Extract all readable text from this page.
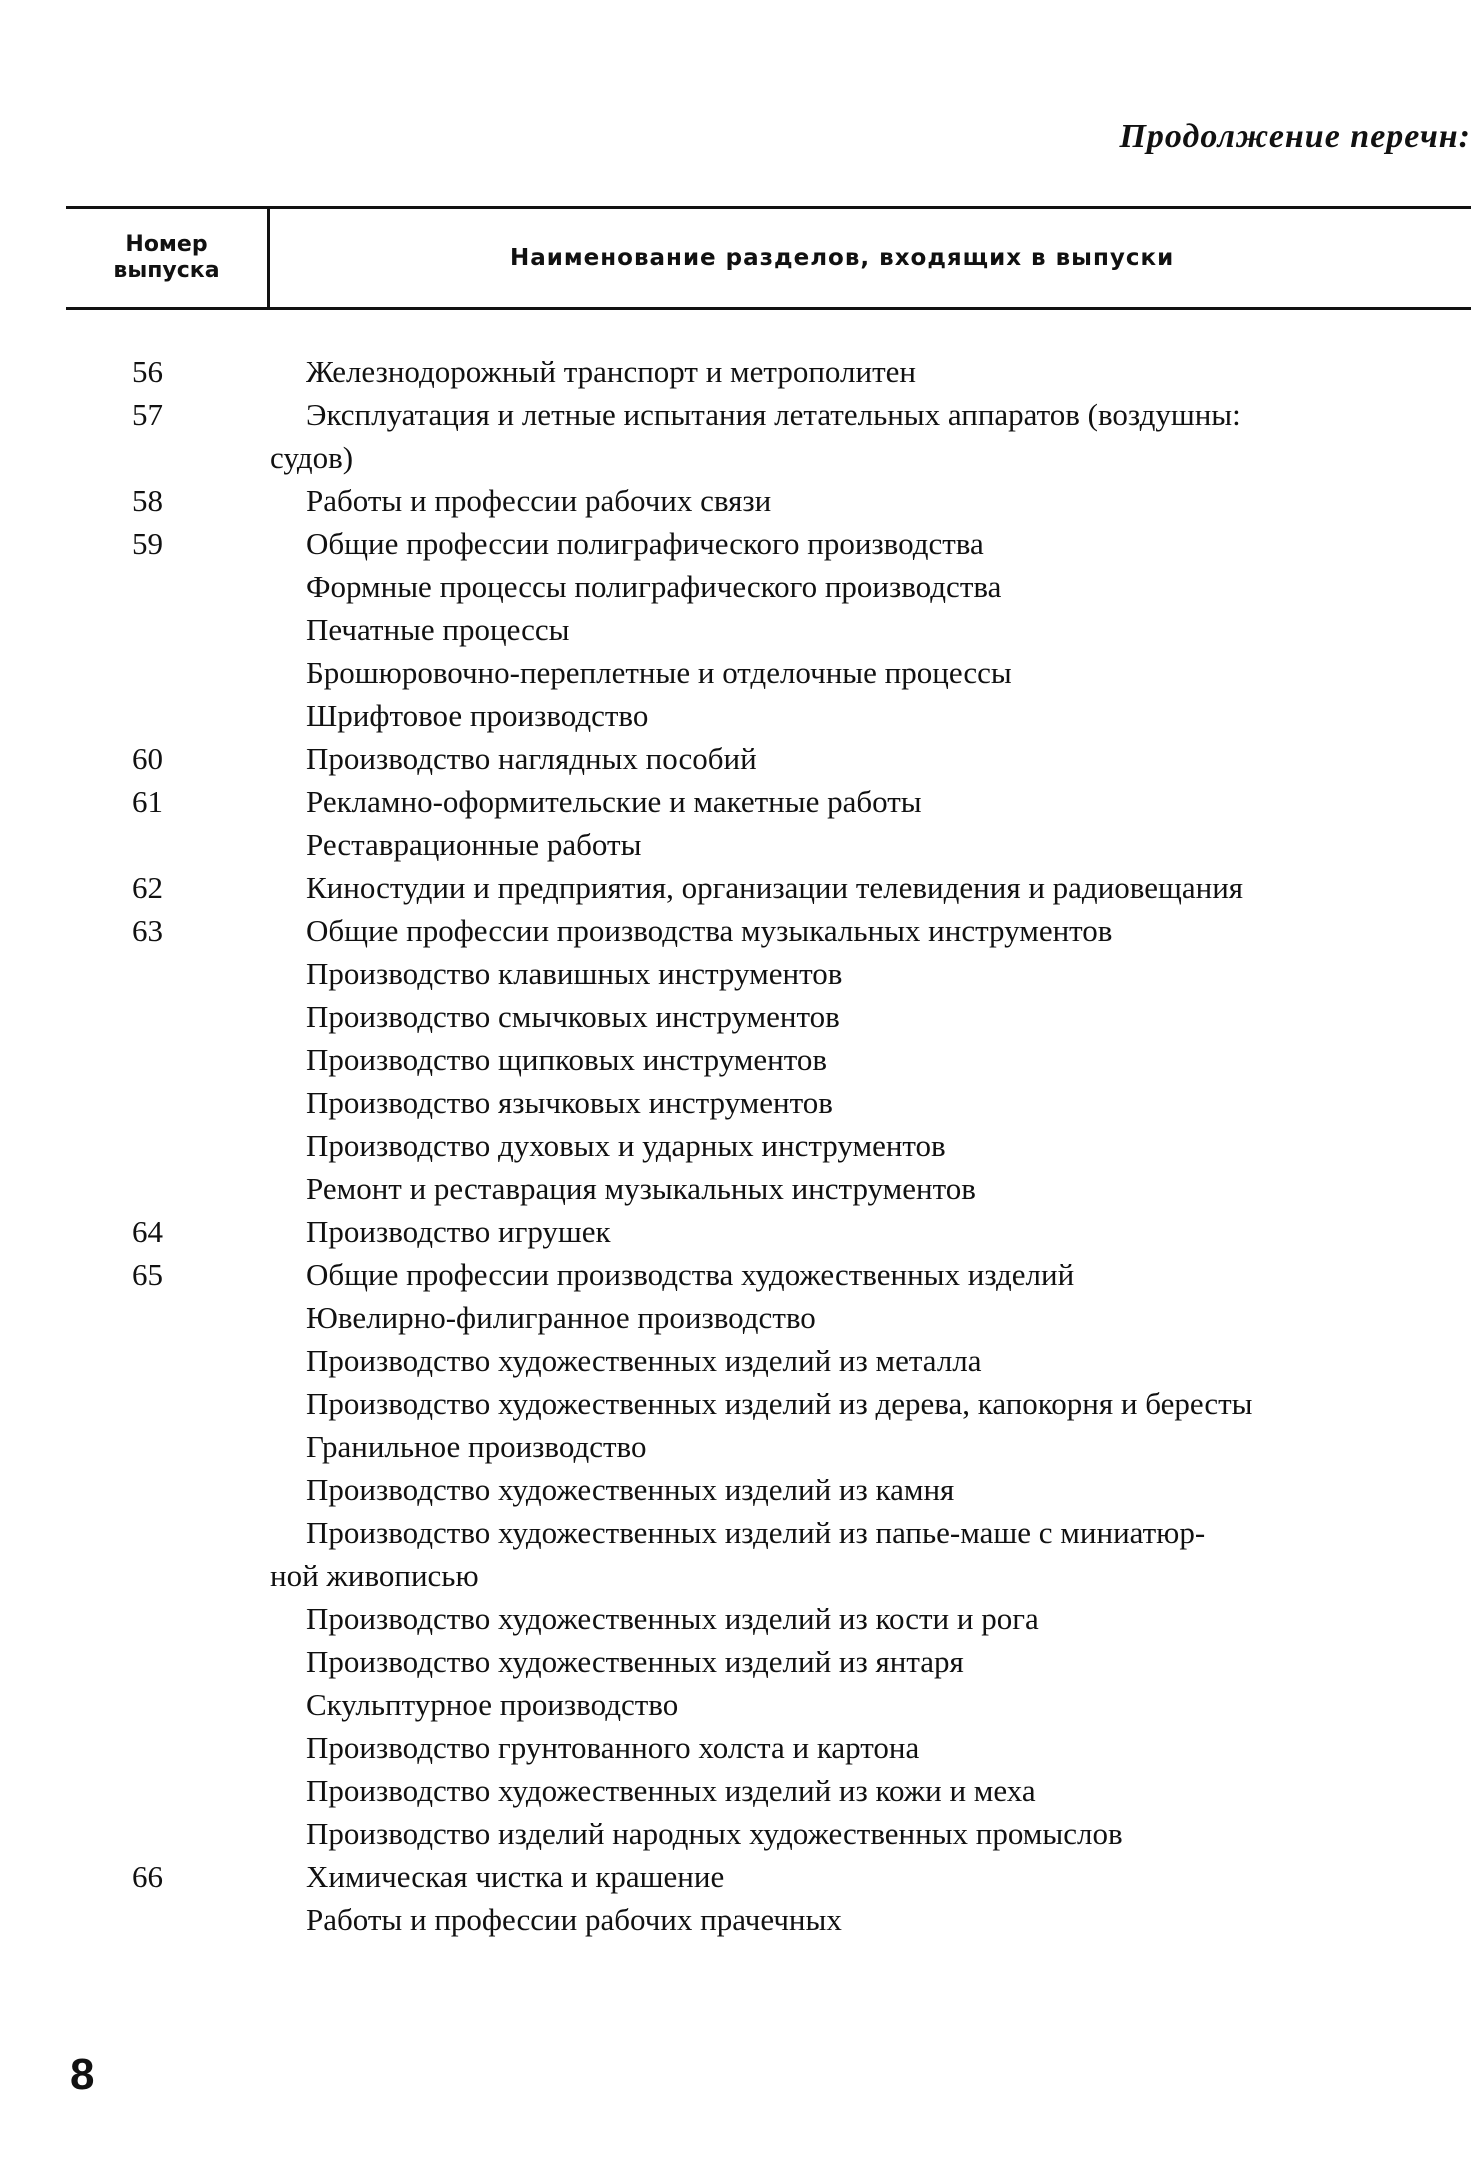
Продолжение перечн:
Номер
выпуска	Наименование разделов, входящих в выпуски
56	Железнодорожный транспорт и метрополитен
57	Эксплуатация и летные испытания летательных аппаратов (воздушны:
судов)
58	Работы и профессии рабочих связи
59	Общие профессии полиграфического производства
Формные процессы полиграфического производства
Печатные процессы
Брошюровочно-переплетные и отделочные процессы
Шрифтовое производство
60	Производство наглядных пособий
61	Рекламно-оформительские и макетные работы
Реставрационные работы
62	Киностудии и предприятия, организации телевидения и радиовещания
63	Общие профессии производства музыкальных инструментов
Производство клавишных инструментов
Производство смычковых инструментов
Производство щипковых инструментов
Производство язычковых инструментов
Производство духовых и ударных инструментов
Ремонт и реставрация музыкальных инструментов
64	Производство игрушек
65	Общие профессии производства художественных изделий
Ювелирно-филигранное производство
Производство художественных изделий из металла
Производство художественных изделий из дерева, капокорня и бересты
Гранильное производство
Производство художественных изделий из камня
Производство художественных изделий из папье-маше с миниатюр-
ной живописью
Производство художественных изделий из кости и рога
Производство художественных изделий из янтаря
Скульптурное производство
Производство грунтованного холста и картона
Производство художественных изделий из кожи и меха
Производство изделий народных художественных промыслов
66	Химическая чистка и крашение
Работы и профессии рабочих прачечных
8
